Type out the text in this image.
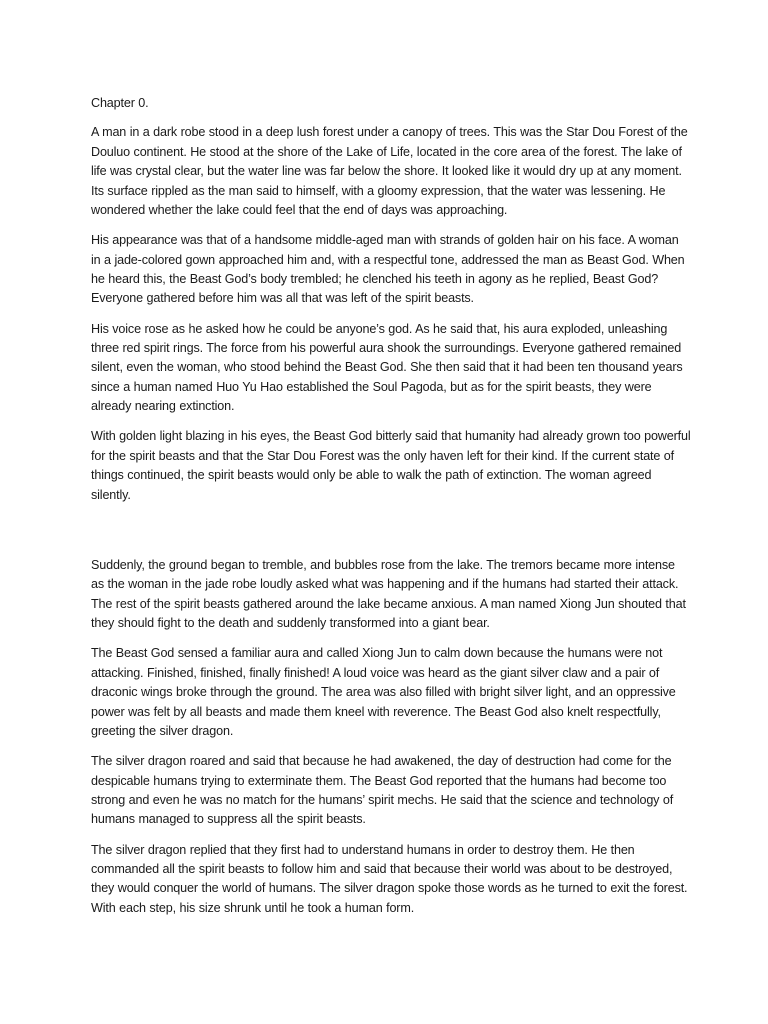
Chapter 0.

A man in a dark robe stood in a deep lush forest under a canopy of trees. This was the Star Dou Forest of the Douluo continent. He stood at the shore of the Lake of Life, located in the core area of the forest. The lake of life was crystal clear, but the water line was far below the shore. It looked like it would dry up at any moment. Its surface rippled as the man said to himself, with a gloomy expression, that the water was lessening. He wondered whether the lake could feel that the end of days was approaching.

His appearance was that of a handsome middle-aged man with strands of golden hair on his face. A woman in a jade-colored gown approached him and, with a respectful tone, addressed the man as Beast God. When he heard this, the Beast God’s body trembled; he clenched his teeth in agony as he replied, Beast God? Everyone gathered before him was all that was left of the spirit beasts.

His voice rose as he asked how he could be anyone’s god. As he said that, his aura exploded, unleashing three red spirit rings. The force from his powerful aura shook the surroundings. Everyone gathered remained silent, even the woman, who stood behind the Beast God. She then said that it had been ten thousand years since a human named Huo Yu Hao established the Soul Pagoda, but as for the spirit beasts, they were already nearing extinction.

With golden light blazing in his eyes, the Beast God bitterly said that humanity had already grown too powerful for the spirit beasts and that the Star Dou Forest was the only haven left for their kind. If the current state of things continued, the spirit beasts would only be able to walk the path of extinction. The woman agreed silently.

Suddenly, the ground began to tremble, and bubbles rose from the lake. The tremors became more intense as the woman in the jade robe loudly asked what was happening and if the humans had started their attack. The rest of the spirit beasts gathered around the lake became anxious. A man named Xiong Jun shouted that they should fight to the death and suddenly transformed into a giant bear.

The Beast God sensed a familiar aura and called Xiong Jun to calm down because the humans were not attacking. Finished, finished, finally finished! A loud voice was heard as the giant silver claw and a pair of draconic wings broke through the ground. The area was also filled with bright silver light, and an oppressive power was felt by all beasts and made them kneel with reverence. The Beast God also knelt respectfully, greeting the silver dragon.

The silver dragon roared and said that because he had awakened, the day of destruction had come for the despicable humans trying to exterminate them. The Beast God reported that the humans had become too strong and even he was no match for the humans’ spirit mechs. He said that the science and technology of humans managed to suppress all the spirit beasts.

The silver dragon replied that they first had to understand humans in order to destroy them. He then commanded all the spirit beasts to follow him and said that because their world was about to be destroyed, they would conquer the world of humans. The silver dragon spoke those words as he turned to exit the forest. With each step, his size shrunk until he took a human form.
